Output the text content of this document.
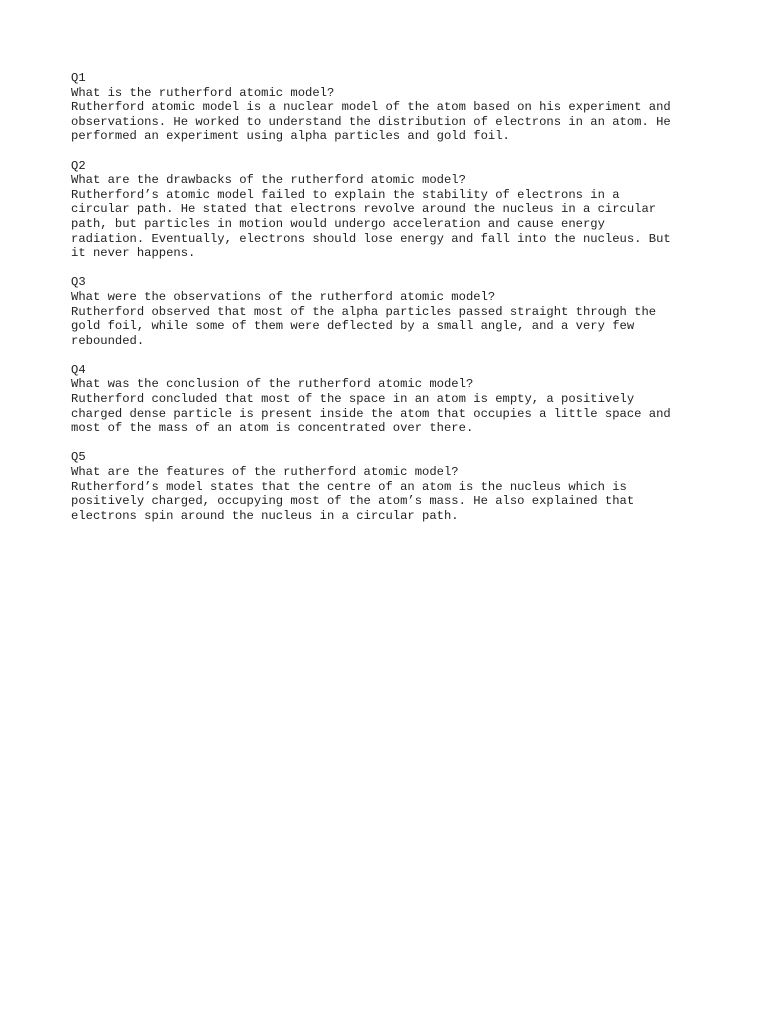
Q1

What is the rutherford atomic model?

Rutherford atomic model is a nuclear model of the atom based on his experiment and
observations. He worked to understand the distribution of electrons in an atom. He
performed an experiment using alpha particles and gold foil.

Q2

What are the drawbacks of the rutherford atomic model?

Rutherford’s atomic model failed to explain the stability of electrons in a
circular path. He stated that electrons revolve around the nucleus in a circular
path, but particles in motion would undergo acceleration and cause energy
radiation. Eventually, electrons should lose energy and fall into the nucleus. But
it never happens.

Q3

What were the observations of the rutherford atomic model?

Rutherford observed that most of the alpha particles passed straight through the
gold foil, while some of them were deflected by a small angle, and a very few
rebounded.

Q4

What was the conclusion of the rutherford atomic model?

Rutherford concluded that most of the space in an atom is empty, a positively
charged dense particle is present inside the atom that occupies a little space and
most of the mass of an atom is concentrated over there.

Q5

What are the features of the rutherford atomic model?

Rutherford’s model states that the centre of an atom is the nucleus which is
positively charged, occupying most of the atom’s mass. He also explained that
electrons spin around the nucleus in a circular path.
